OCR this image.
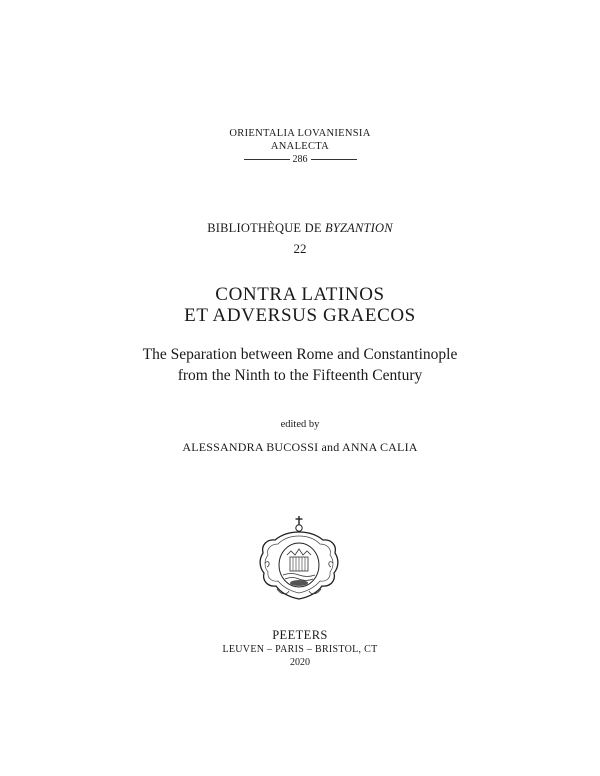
ORIENTALIA LOVANIENSIA
ANALECTA
286
BIBLIOTHÈQUE DE BYZANTION
22
CONTRA LATINOS
ET ADVERSUS GRAECOS
The Separation between Rome and Constantinople
from the Ninth to the Fifteenth Century
edited by
ALESSANDRA BUCOSSI and ANNA CALIA
PEETERS
LEUVEN – PARIS – BRISTOL, CT
2020
